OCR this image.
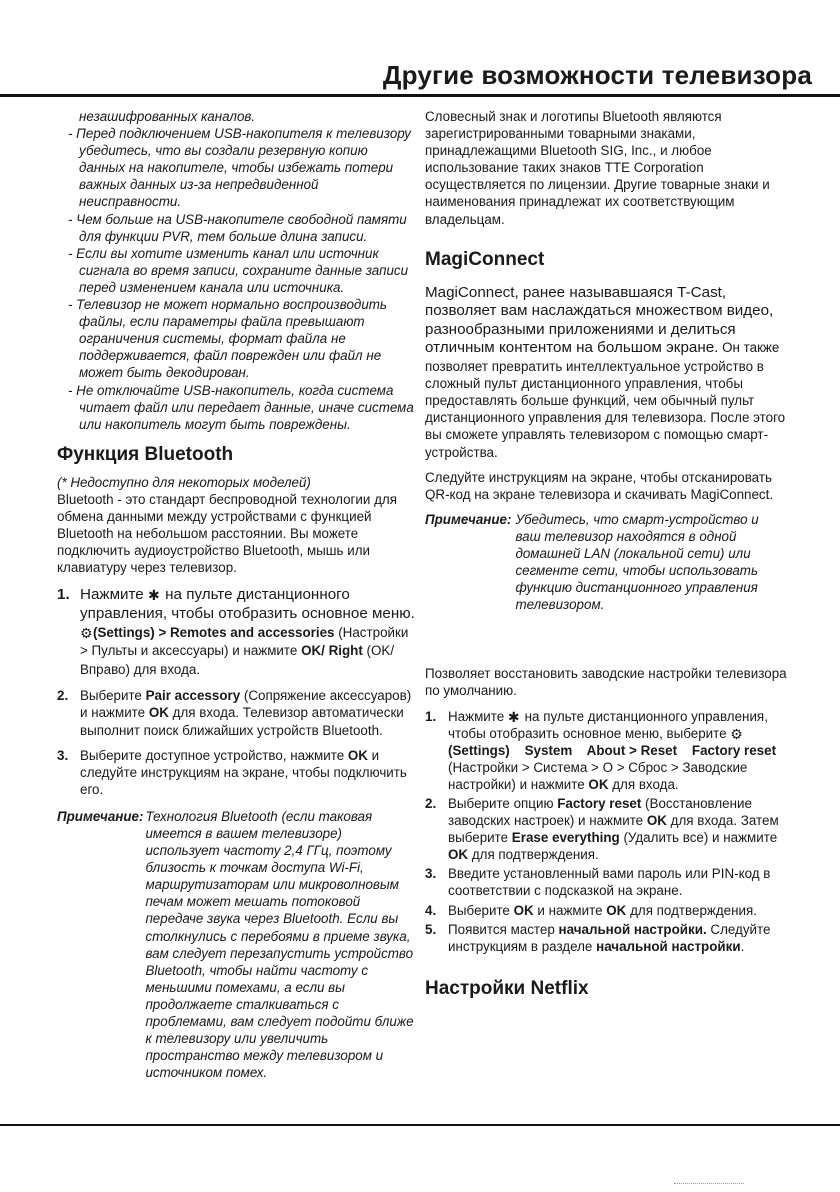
Другие возможности телевизора

незашифрованных каналов.

- Перед подключением USB-накопителя к телевизору убедитесь, что вы создали резервную копию данных на накопителе, чтобы избежать потери важных данных из-за непредвиденной неисправности.

- Чем больше на USB-накопителе свободной памяти для функции PVR, тем больше длина записи.

- Если вы хотите изменить канал или источник сигнала во время записи, сохраните данные записи перед изменением канала или источника.

- Телевизор не может нормально воспроизводить файлы, если параметры файла превышают ограничения системы, формат файла не поддерживается, файл поврежден или файл не может быть декодирован.

- Не отключайте USB-накопитель, когда система читает файл или передает данные, иначе система или накопитель могут быть повреждены.

Функция Bluetooth

(* Недоступно для некоторых моделей)

Bluetooth - это стандарт беспроводной технологии для обмена данными между устройствами с функцией Bluetooth на небольшом расстоянии. Вы можете подключить аудиоустройство Bluetooth, мышь или клавиатуру через телевизор.

1. Нажмите ✱ на пульте дистанционного управления, чтобы отобразить основное меню. ⚙(Settings) > Remotes and accessories (Настройки > Пульты и аксессуары) и нажмите OK/ Right (OK/Вправо) для входа.
2. Выберите Pair accessory (Сопряжение аксессуаров) и нажмите OK для входа. Телевизор автоматически выполнит поиск ближайших устройств Bluetooth.
3. Выберите доступное устройство, нажмите OK и следуйте инструкциям на экране, чтобы подключить его.
Примечание: Технология Bluetooth (если таковая имеется в вашем телевизоре) использует частоту 2,4 ГГц, поэтому близость к точкам доступа Wi-Fi, маршрутизаторам или микроволновым печам может мешать потоковой передаче звука через Bluetooth. Если вы столкнулись с перебоями в приеме звука, вам следует перезапустить устройство Bluetooth, чтобы найти частоту с меньшими помехами, а если вы продолжаете сталкиваться с проблемами, вам следует подойти ближе к телевизору или увеличить пространство между телевизором и источником помех.

Словесный знак и логотипы Bluetooth являются зарегистрированными товарными знаками, принадлежащими Bluetooth SIG, Inc., и любое использование таких знаков TTE Corporation осуществляется по лицензии. Другие товарные знаки и наименования принадлежат их соответствующим владельцам.

MagiConnect

MagiConnect, ранее называвшаяся T-Cast, позволяет вам наслаждаться множеством видео, разнообразными приложениями и делиться отличным контентом на большом экране. Он также позволяет превратить интеллектуальное устройство в сложный пульт дистанционного управления, чтобы предоставлять больше функций, чем обычный пульт дистанционного управления для телевизора. После этого вы сможете управлять телевизором с помощью смарт-устройства.

Следуйте инструкциям на экране, чтобы отсканировать QR-код на экране телевизора и скачивать MagiConnect.

Примечание: Убедитесь, что смарт-устройство и ваш телевизор находятся в одной домашней LAN (локальной сети) или сегменте сети, чтобы использовать функцию дистанционного управления телевизором.

Позволяет восстановить заводские настройки телевизора по умолчанию.

1. Нажмите ✱ на пульте дистанционного управления, чтобы отобразить основное меню, выберите ⚙(Settings)    System    About > Reset    Factory reset (Настройки > Система > О > Сброс > Заводские настройки) и нажмите OK для входа.
2. Выберите опцию Factory reset (Восстановление заводских настроек) и нажмите OK для входа. Затем выберите Erase everything (Удалить все) и нажмите OK для подтверждения.
3. Введите установленный вами пароль или PIN-код в соответствии с подсказкой на экране.
4. Выберите OK и нажмите OK для подтверждения.
5. Появится мастер начальной настройки. Следуйте инструкциям в разделе начальной настройки.
Настройки Netflix
